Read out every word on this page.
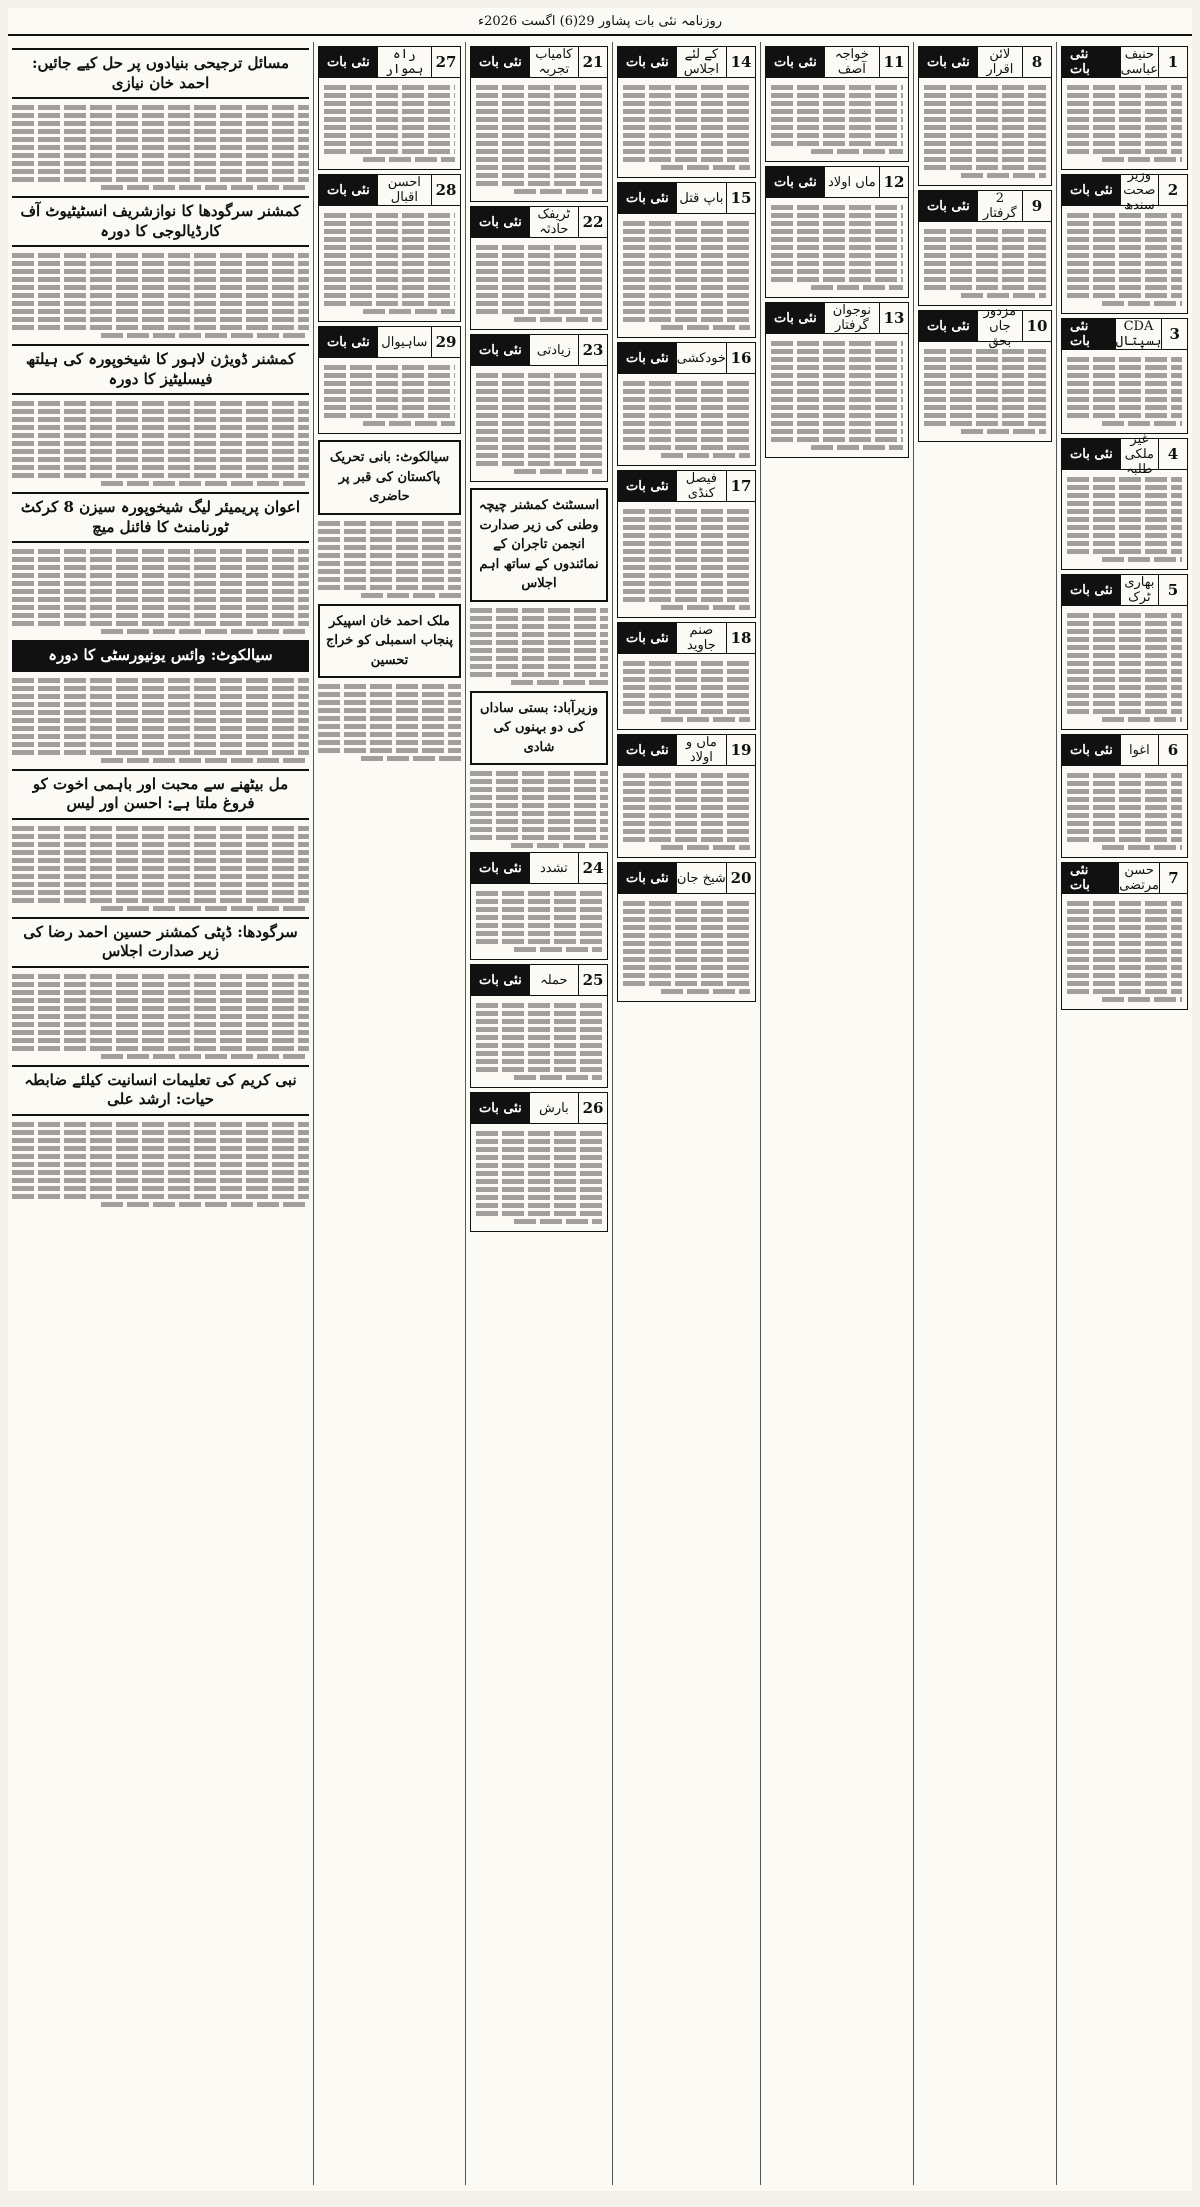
روزنامہ نئی بات پشاور 29(6) اگست 2026ء
نئی بات
حنیف عباسی 1
نئی بات
وزیر صحت سندھ
2
نئی بات
CDA ہسپتال 3
نئی بات
غیر ملکی طلبہ
4
نئی بات بھاری ٹرک	5
نئی بات	اغوا	6
نئی بات
حسن مرتضی 7
نئی بات	لائن اقرار	8
نئی بات	2 گرفتار	9
نئی بات
مزدور جاں بحق
10
نئی بات	خواجہ آصف	11
نئی بات ماں اولاد 12
نئی بات	نوجوان گرفتار 13
نئی بات	کے لئے اجلاس 14
نئی بات باپ قتل 15
نئی بات خودکشی 16
نئی بات	فیصل کنڈی	17
نئی بات	صنم جاوید 18
نئی بات	ماں و اولاد	19
نئی بات شیخ جان 20
نئی بات	کامیاب تجربہ 21
نئی بات	ٹریفک حادثہ 22
نئی بات	زیادتی 23
اسسٹنٹ کمشنر چیچہ وطنی کی زیر صدارت انجمن تاجران کے نمائندوں کے ساتھ اہم اجلاس
وزیرآباد: بستی ساداں کی دو بہنوں کی شادی
نئی بات	تشدد 24
نئی بات	حملہ 25
نئی بات	بارش 26
نئی بات	راہ ہموار 27
نئی بات	احسن اقبال	28
نئی بات ساہیوال 29
سیالکوٹ: بانی تحریک پاکستان کی قبر پر حاضری
ملک احمد خان اسپیکر پنجاب اسمبلی کو خراج تحسین
مسائل ترجیحی بنیادوں پر حل کیے جائیں: احمد خان نیازی
کمشنر سرگودھا کا نوازشریف انسٹیٹیوٹ آف کارڈیالوجی کا دورہ
کمشنر ڈویژن لاہور کا شیخوپورہ کی ہیلتھ فیسلیٹیز کا دورہ
اعوان پریمیئر لیگ شیخوپورہ سیزن 8 کرکٹ ٹورنامنٹ کا فائنل میچ
سیالکوٹ: وائس یونیورسٹی کا دورہ
مل بیٹھنے سے محبت اور باہمی اخوت کو فروغ ملتا ہے: احسن اور لیس
سرگودھا: ڈپٹی کمشنر حسین احمد رضا کی زیر صدارت اجلاس
نبی کریم کی تعلیمات انسانیت کیلئے ضابطہ حیات: ارشد علی
